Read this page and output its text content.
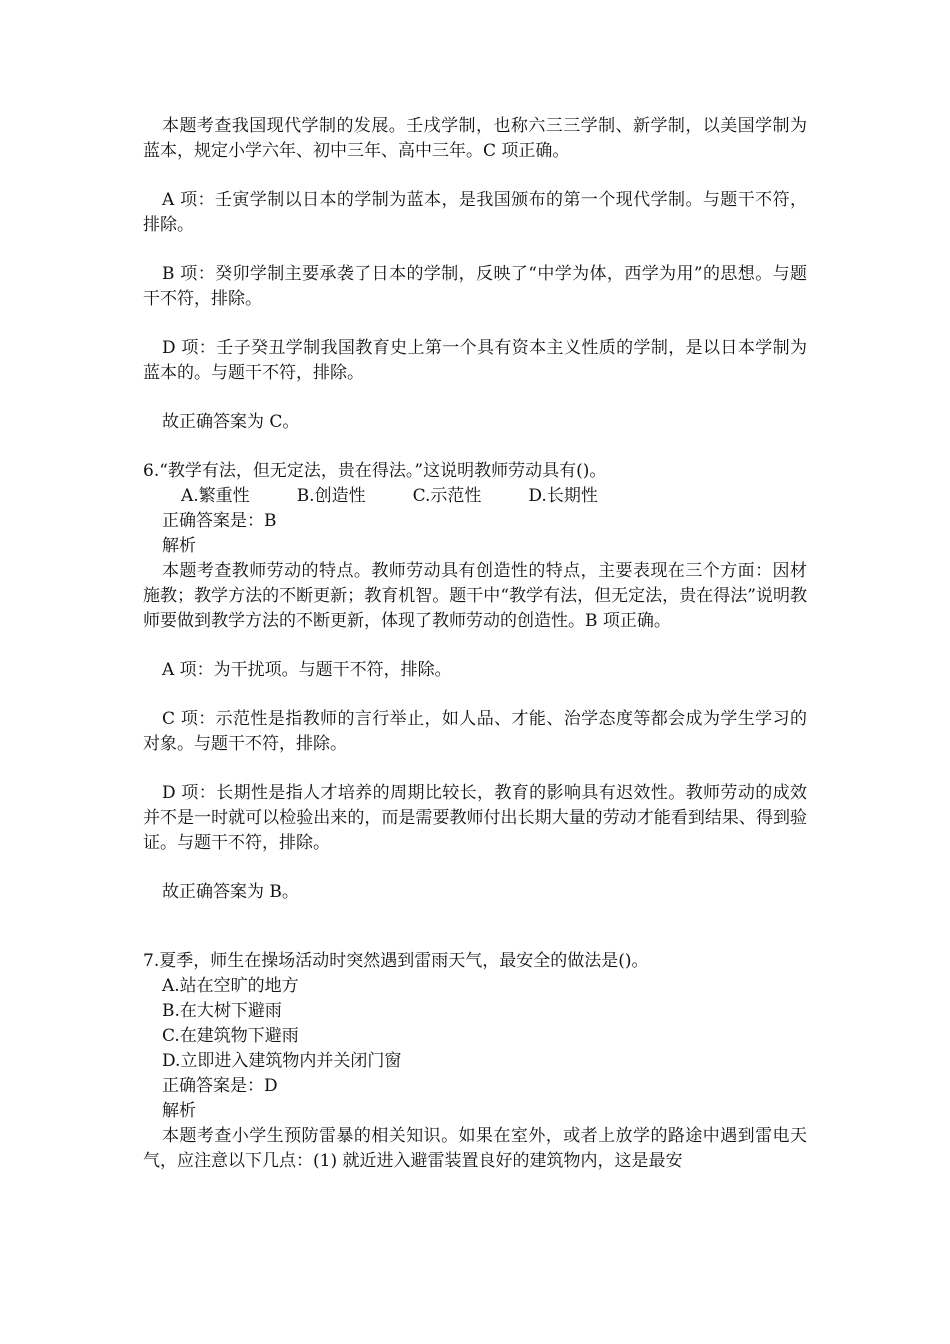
本题考查我国现代学制的发展。壬戌学制，也称六三三学制、新学制，以美国学制为蓝本，规定小学六年、初中三年、高中三年。C 项正确。

A 项：壬寅学制以日本的学制为蓝本，是我国颁布的第一个现代学制。与题干不符，排除。

B 项：癸卯学制主要承袭了日本的学制，反映了“中学为体，西学为用”的思想。与题干不符，排除。

D 项：壬子癸丑学制我国教育史上第一个具有资本主义性质的学制，是以日本学制为蓝本的。与题干不符，排除。

故正确答案为 C。

6.“教学有法，但无定法，贵在得法。”这说明教师劳动具有()。

A.繁重性	B.创造性	C.示范性	D.长期性

正确答案是：B

解析

本题考查教师劳动的特点。教师劳动具有创造性的特点，主要表现在三个方面：因材施教；教学方法的不断更新；教育机智。题干中“教学有法，但无定法，贵在得法”说明教师要做到教学方法的不断更新，体现了教师劳动的创造性。B 项正确。

A 项：为干扰项。与题干不符，排除。

C 项：示范性是指教师的言行举止，如人品、才能、治学态度等都会成为学生学习的对象。与题干不符，排除。

D 项：长期性是指人才培养的周期比较长，教育的影响具有迟效性。教师劳动的成效并不是一时就可以检验出来的，而是需要教师付出长期大量的劳动才能看到结果、得到验证。与题干不符，排除。

故正确答案为 B。

7.夏季，师生在操场活动时突然遇到雷雨天气，最安全的做法是()。

A.站在空旷的地方

B.在大树下避雨

C.在建筑物下避雨

D.立即进入建筑物内并关闭门窗

正确答案是：D

解析

本题考查小学生预防雷暴的相关知识。如果在室外，或者上放学的路途中遇到雷电天气，应注意以下几点：(1) 就近进入避雷装置良好的建筑物内，这是最安
